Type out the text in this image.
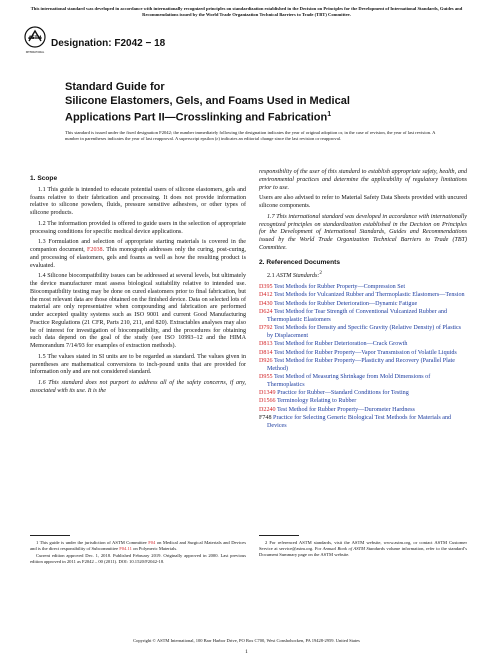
This international standard was developed in accordance with internationally recognized principles on standardization established in the Decision on Principles for the Development of International Standards, Guides and Recommendations issued by the World Trade Organization Technical Barriers to Trade (TBT) Committee.
ASTM
INTERNATIONAL
Designation: F2042 − 18
Standard Guide for
Silicone Elastomers, Gels, and Foams Used in Medical
Applications Part II—Crosslinking and Fabrication$^1$
This standard is issued under the fixed designation F2042; the number immediately following the designation indicates the year of original adoption or, in the case of revision, the year of last revision. A number in parentheses indicates the year of last reapproval. A superscript epsilon (ε) indicates an editorial change since the last revision or reapproval.
1. Scope

1.1 This guide is intended to educate potential users of silicone elastomers, gels and foams relative to their fabrication and processing. It does not provide information relative to silicone powders, fluids, pressure sensitive adhesives, or other types of silicone products.

1.2 The information provided is offered to guide users in the selection of appropriate processing conditions for specific medical device applications.

1.3 Formulation and selection of appropriate starting materials is covered in the companion document, F2038. This monograph addresses only the curing, post-curing, and processing of elastomers, gels and foams as well as how the resulting product is evaluated.

1.4 Silicone biocompatibility issues can be addressed at several levels, but ultimately the device manufacturer must assess biological suitability relative to intended use. Biocompatibility testing may be done on cured elastomers prior to final fabrication, but the most relevant data are those obtained on the finished device. Data on selected lots of material are only representative when compounding and fabrication are performed under accepted quality systems such as ISO 9001 and current Good Manufacturing Practice Regulations (21 CFR, Parts 210, 211, and 820). Extractables analyses may also be of interest for investigation of biocompatibility, and the procedures for obtaining such data depend on the goal of the study (see ISO 10993–12 and the HIMA Memorandum 7/14/93 for examples of extraction methods).

1.5 The values stated in SI units are to be regarded as standard. The values given in parentheses are mathematical conversions to inch-pound units that are provided for information only and are not considered standard.

1.6 This standard does not purport to address all of the safety concerns, if any, associated with its use. It is the

responsibility of the user of this standard to establish appropriate safety, health, and environmental practices and determine the applicability of regulatory limitations prior to use.

Users are also advised to refer to Material Safety Data Sheets provided with uncured silicone components.

1.7 This international standard was developed in accordance with internationally recognized principles on standardization established in the Decision on Principles for the Development of International Standards, Guides and Recommendations issued by the World Trade Organization Technical Barriers to Trade (TBT) Committee.

2. Referenced Documents

2.1 ASTM Standards:$^2$

D395 Test Methods for Rubber Property—Compression Set
D412 Test Methods for Vulcanized Rubber and Thermoplastic Elastomers—Tension
D430 Test Methods for Rubber Deterioration—Dynamic Fatigue
D624 Test Method for Tear Strength of Conventional Vulcanized Rubber and Thermoplastic Elastomers
D792 Test Methods for Density and Specific Gravity (Relative Density) of Plastics by Displacement
D813 Test Method for Rubber Deterioration—Crack Growth
D814 Test Method for Rubber Property—Vapor Transmission of Volatile Liquids
D926 Test Method for Rubber Property—Plasticity and Recovery (Parallel Plate Method)
D955 Test Method of Measuring Shrinkage from Mold Dimensions of Thermoplastics
D1349 Practice for Rubber—Standard Conditions for Testing
D1566 Terminology Relating to Rubber
D2240 Test Method for Rubber Property—Durometer Hardness
F748 Practice for Selecting Generic Biological Test Methods for Materials and Devices

1 This guide is under the jurisdiction of ASTM Committee F04 on Medical and Surgical Materials and Devices and is the direct responsibility of Subcommittee F04.11 on Polymeric Materials.

Current edition approved Dec. 1, 2018. Published February 2019. Originally approved in 2000. Last previous edition approved in 2011 as F2042 – 00 (2011). DOI: 10.1520/F2042-18.

2 For referenced ASTM standards, visit the ASTM website, www.astm.org, or contact ASTM Customer Service at service@astm.org. For Annual Book of ASTM Standards volume information, refer to the standard’s Document Summary page on the ASTM website.

Copyright © ASTM International, 100 Barr Harbor Drive, PO Box C700, West Conshohocken, PA 19428-2959. United States
1
